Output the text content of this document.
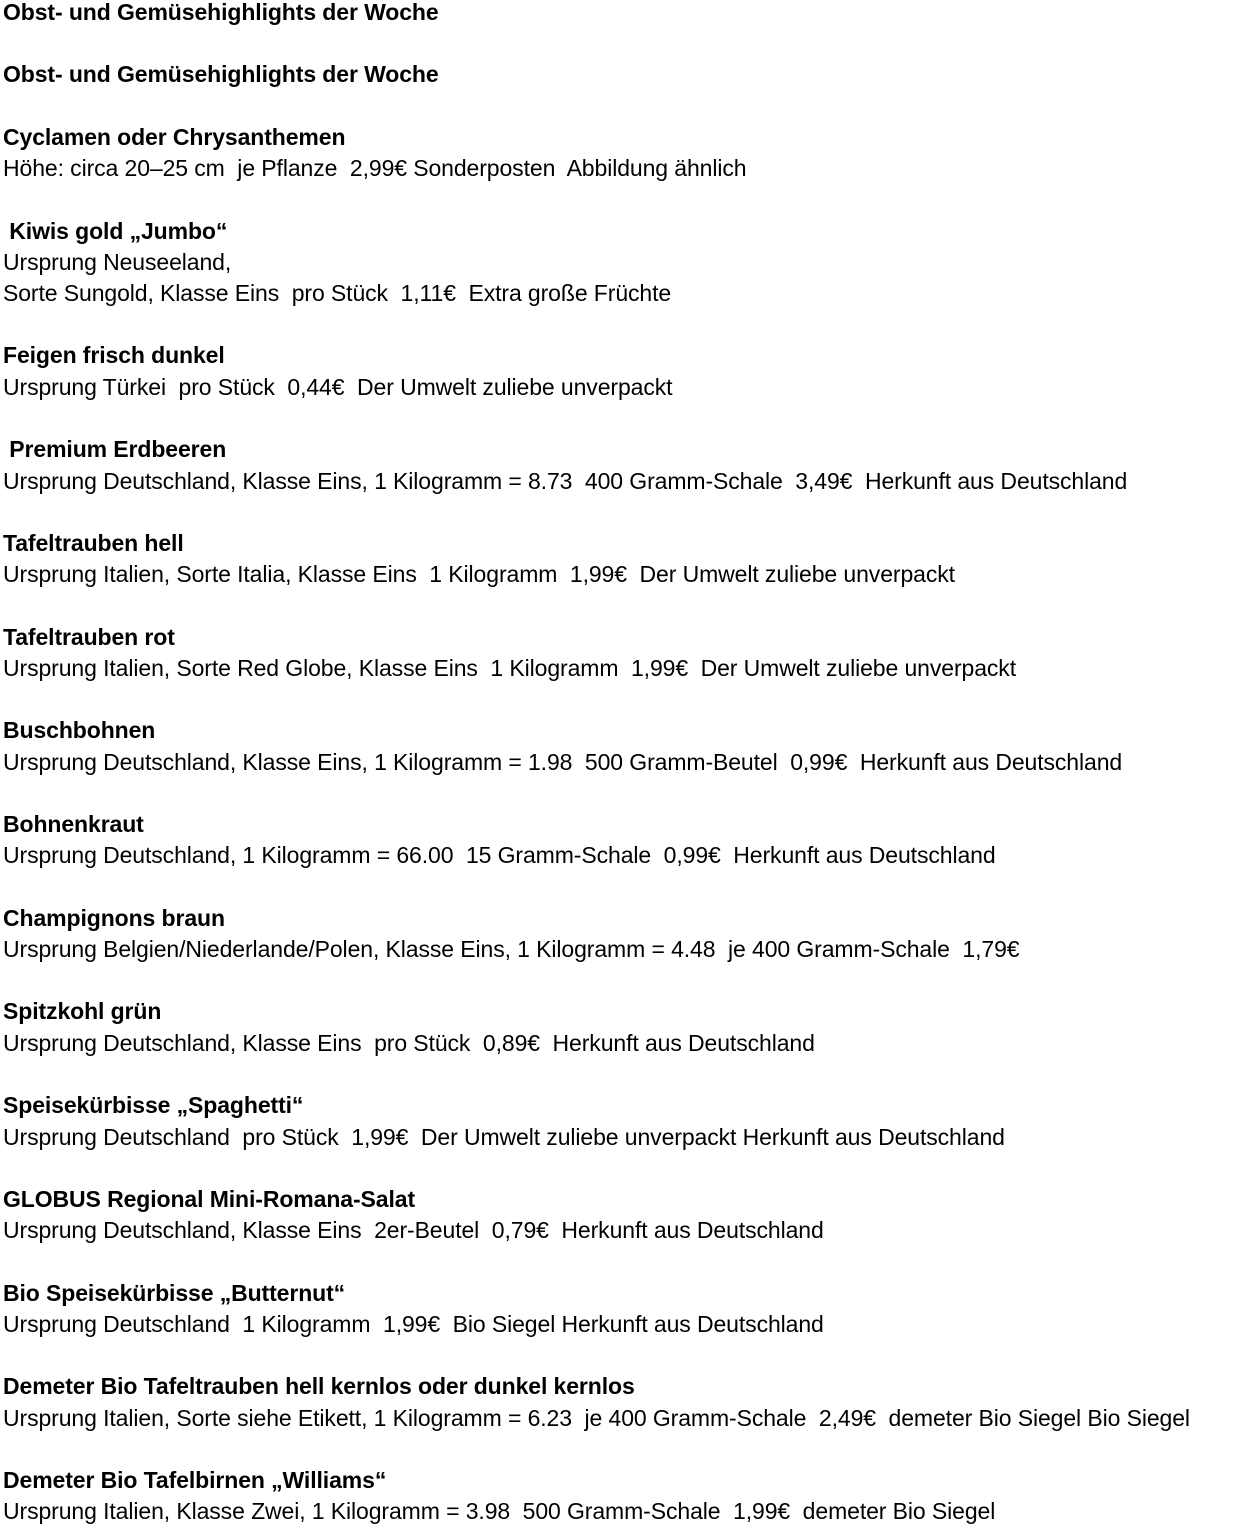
Obst- und Gemüsehighlights der Woche
Obst- und Gemüsehighlights der Woche
Cyclamen oder Chrysanthemen
Höhe: circa 20–25 cm  je Pflanze  2,99€ Sonderposten  Abbildung ähnlich
Kiwis gold „Jumbo“
Ursprung Neuseeland,
Sorte Sungold, Klasse Eins  pro Stück  1,11€  Extra große Früchte
Feigen frisch dunkel
Ursprung Türkei  pro Stück  0,44€  Der Umwelt zuliebe unverpackt
Premium Erdbeeren
Ursprung Deutschland, Klasse Eins, 1 Kilogramm = 8.73  400 Gramm-Schale  3,49€  Herkunft aus Deutschland
Tafeltrauben hell
Ursprung Italien, Sorte Italia, Klasse Eins  1 Kilogramm  1,99€  Der Umwelt zuliebe unverpackt
Tafeltrauben rot
Ursprung Italien, Sorte Red Globe, Klasse Eins  1 Kilogramm  1,99€  Der Umwelt zuliebe unverpackt
Buschbohnen
Ursprung Deutschland, Klasse Eins, 1 Kilogramm = 1.98  500 Gramm-Beutel  0,99€  Herkunft aus Deutschland
Bohnenkraut
Ursprung Deutschland, 1 Kilogramm = 66.00  15 Gramm-Schale  0,99€  Herkunft aus Deutschland
Champignons braun
Ursprung Belgien/Niederlande/Polen, Klasse Eins, 1 Kilogramm = 4.48  je 400 Gramm-Schale  1,79€
Spitzkohl grün
Ursprung Deutschland, Klasse Eins  pro Stück  0,89€  Herkunft aus Deutschland
Speisekürbisse „Spaghetti“
Ursprung Deutschland  pro Stück  1,99€  Der Umwelt zuliebe unverpackt Herkunft aus Deutschland
GLOBUS Regional Mini-Romana-Salat
Ursprung Deutschland, Klasse Eins  2er-Beutel  0,79€  Herkunft aus Deutschland
Bio Speisekürbisse „Butternut“
Ursprung Deutschland  1 Kilogramm  1,99€  Bio Siegel Herkunft aus Deutschland
Demeter Bio Tafeltrauben hell kernlos oder dunkel kernlos
Ursprung Italien, Sorte siehe Etikett, 1 Kilogramm = 6.23  je 400 Gramm-Schale  2,49€  demeter Bio Siegel Bio Siegel
Demeter Bio Tafelbirnen „Williams“
Ursprung Italien, Klasse Zwei, 1 Kilogramm = 3.98  500 Gramm-Schale  1,99€  demeter Bio Siegel
